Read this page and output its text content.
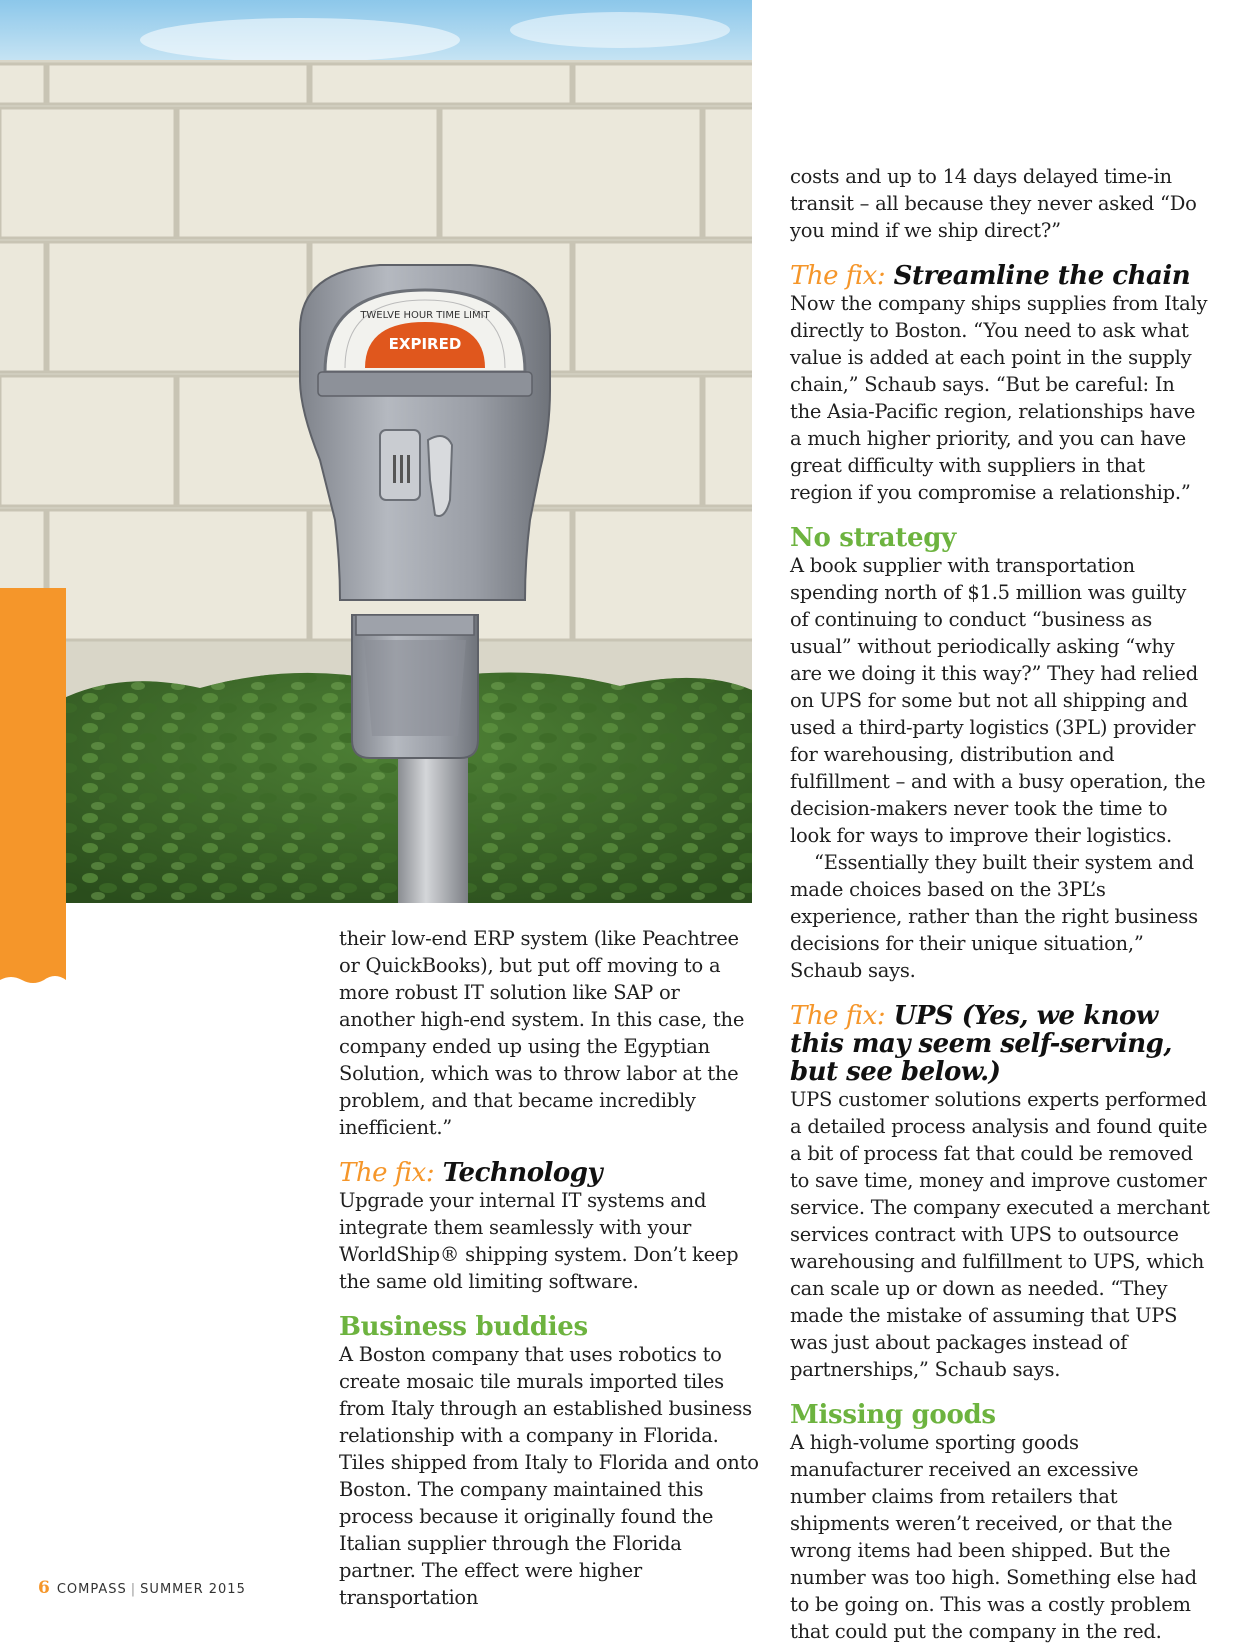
TWELVE HOUR TIME LIMIT
EXPIRED

their low-end ERP system (like Peachtree or QuickBooks), but put off moving to a more robust IT solution like SAP or another high-end system. In this case, the company ended up using the Egyptian Solution, which was to throw labor at the problem, and that became incredibly inefficient.”

The fix: Technology

Upgrade your internal IT systems and integrate them seamlessly with your WorldShip® shipping system. Don’t keep the same old limiting software.

Business buddies

A Boston company that uses robotics to create mosaic tile murals imported tiles from Italy through an established business relationship with a company in Florida. Tiles shipped from Italy to Florida and onto Boston. The company maintained this process because it originally found the Italian supplier through the Florida partner. The effect were higher transportation

costs and up to 14 days delayed time-in transit – all because they never asked “Do you mind if we ship direct?”

The fix: Streamline the chain

Now the company ships supplies from Italy directly to Boston. “You need to ask what value is added at each point in the supply chain,” Schaub says. “But be careful: In the Asia-Pacific region, relationships have a much higher priority, and you can have great difficulty with suppliers in that region if you compromise a relationship.”

No strategy

A book supplier with transportation spending north of $1.5 million was guilty of continuing to conduct “business as usual” without periodically asking “why are we doing it this way?” They had relied on UPS for some but not all shipping and used a third-party logistics (3PL) provider for warehousing, distribution and fulfillment – and with a busy operation, the decision-makers never took the time to look for ways to improve their logistics.

“Essentially they built their system and made choices based on the 3PL’s experience, rather than the right business decisions for their unique situation,” Schaub says.

The fix: UPS (Yes, we know this may seem self-serving, but see below.)

UPS customer solutions experts performed a detailed process analysis and found quite a bit of process fat that could be removed to save time, money and improve customer service. The company executed a merchant services contract with UPS to outsource warehousing and fulfillment to UPS, which can scale up or down as needed. “They made the mistake of assuming that UPS was just about packages instead of partnerships,” Schaub says.

Missing goods

A high-volume sporting goods manufacturer received an excessive number claims from retailers that shipments weren’t received, or that the wrong items had been shipped. But the number was too high. Something else had to be going on. This was a costly problem that could put the company in the red.

6 COMPASS | SUMMER 2015
